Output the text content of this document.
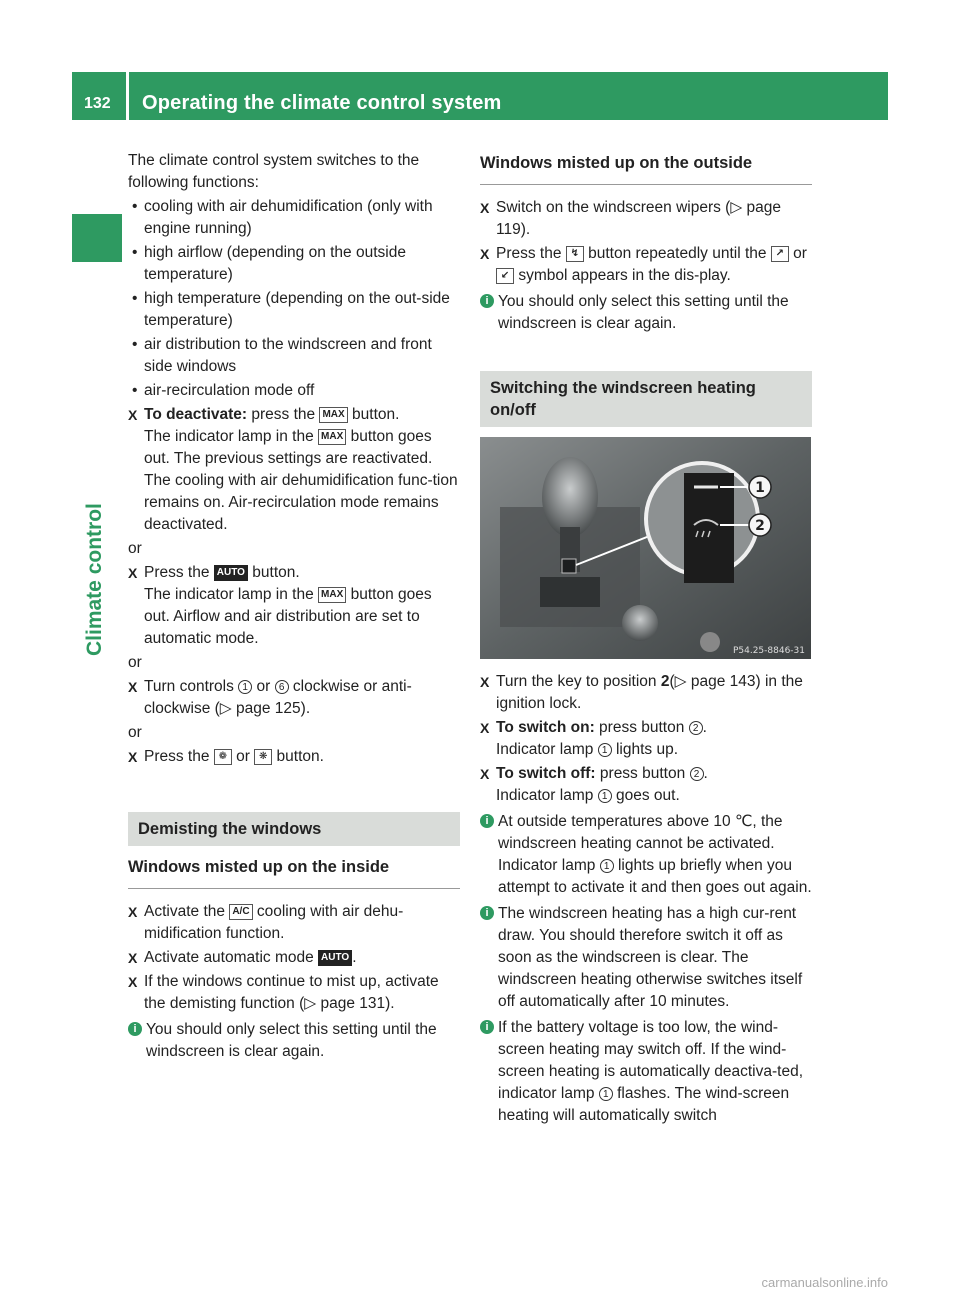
132	Operating the climate control system
Climate control

The climate control system switches to the following functions:

• cooling with air dehumidification (only with engine running)
• high airflow (depending on the outside temperature)
• high temperature (depending on the out-side temperature)
• air distribution to the windscreen and front side windows
• air-recirculation mode off
X To deactivate: press the MAX button.
The indicator lamp in the MAX button goes out. The previous settings are reactivated. The cooling with air dehumidification func-tion remains on. Air-recirculation mode remains deactivated.

or

X Press the AUTO button.
The indicator lamp in the MAX button goes out. Airflow and air distribution are set to automatic mode.

or

X Turn controls 1 or 6 clockwise or anti-clockwise (▷ page 125).

or

X Press the ❁ or ❋ button.
Demisting the windows
Windows misted up on the inside
X Activate the A/C cooling with air dehu-midification function.
X Activate automatic mode AUTO .
X If the windows continue to mist up, activate the demisting function (▷ page 131).
i You should only select this setting until the windscreen is clear again.
Windows misted up on the outside
X Switch on the windscreen wipers (▷ page 119).
X Press the ↯ button repeatedly until the ↗ or ↙ symbol appears in the dis-play.
i You should only select this setting until the windscreen is clear again.
Switching the windscreen heating on/off
1
2
P54.25-8846-31
X Turn the key to position 2(▷ page 143) in the ignition lock.
X To switch on: press button 2 .
Indicator lamp 1 lights up.
X To switch off: press button 2 .
Indicator lamp 1 goes out.
i At outside temperatures above 10 ℃, the windscreen heating cannot be activated. Indicator lamp 1 lights up briefly when you attempt to activate it and then goes out again.
i The windscreen heating has a high cur-rent draw. You should therefore switch it off as soon as the windscreen is clear. The windscreen heating otherwise switches itself off automatically after 10 minutes.
i If the battery voltage is too low, the wind-screen heating may switch off. If the wind-screen heating is automatically deactiva-ted, indicator lamp 1 flashes. The wind-screen heating will automatically switch
carmanualsonline.info
